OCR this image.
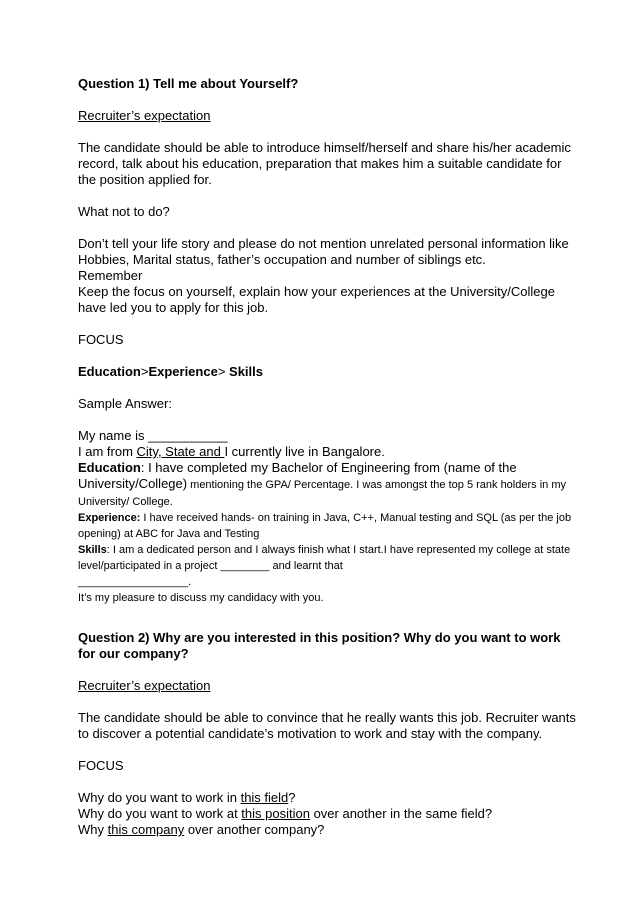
Question 1) Tell me about Yourself?

Recruiter’s expectation

The candidate should be able to introduce himself/herself and share his/her academic record, talk about his education, preparation that makes him a suitable candidate for the position applied for.

What not to do?

Don’t tell your life story and please do not mention unrelated personal information like Hobbies, Marital status, father’s occupation and number of siblings etc.

Remember

Keep the focus on yourself, explain how your experiences at the University/College have led you to apply for this job.

FOCUS

Education>Experience> Skills

Sample Answer:

My name is ___________

I am from City, State and I currently live in Bangalore.

Education: I have completed my Bachelor of Engineering from (name of the University/College) mentioning the GPA/ Percentage. I was amongst the top 5 rank holders in my University/ College.

Experience: I have received hands- on training in Java, C++, Manual testing and SQL (as per the job opening) at ABC for Java and Testing

Skills: I am a dedicated person and I always finish what I start.I have represented my college at state level/participated in a project ________ and learnt that

__________________.

It’s my pleasure to discuss my candidacy with you.

Question 2) Why are you interested in this position? Why do you want to work for our company?

Recruiter’s expectation

The candidate should be able to convince that he really wants this job. Recruiter wants to discover a potential candidate’s motivation to work and stay with the company.

FOCUS

Why do you want to work in this field?

Why do you want to work at this position over another in the same field?

Why this company over another company?
